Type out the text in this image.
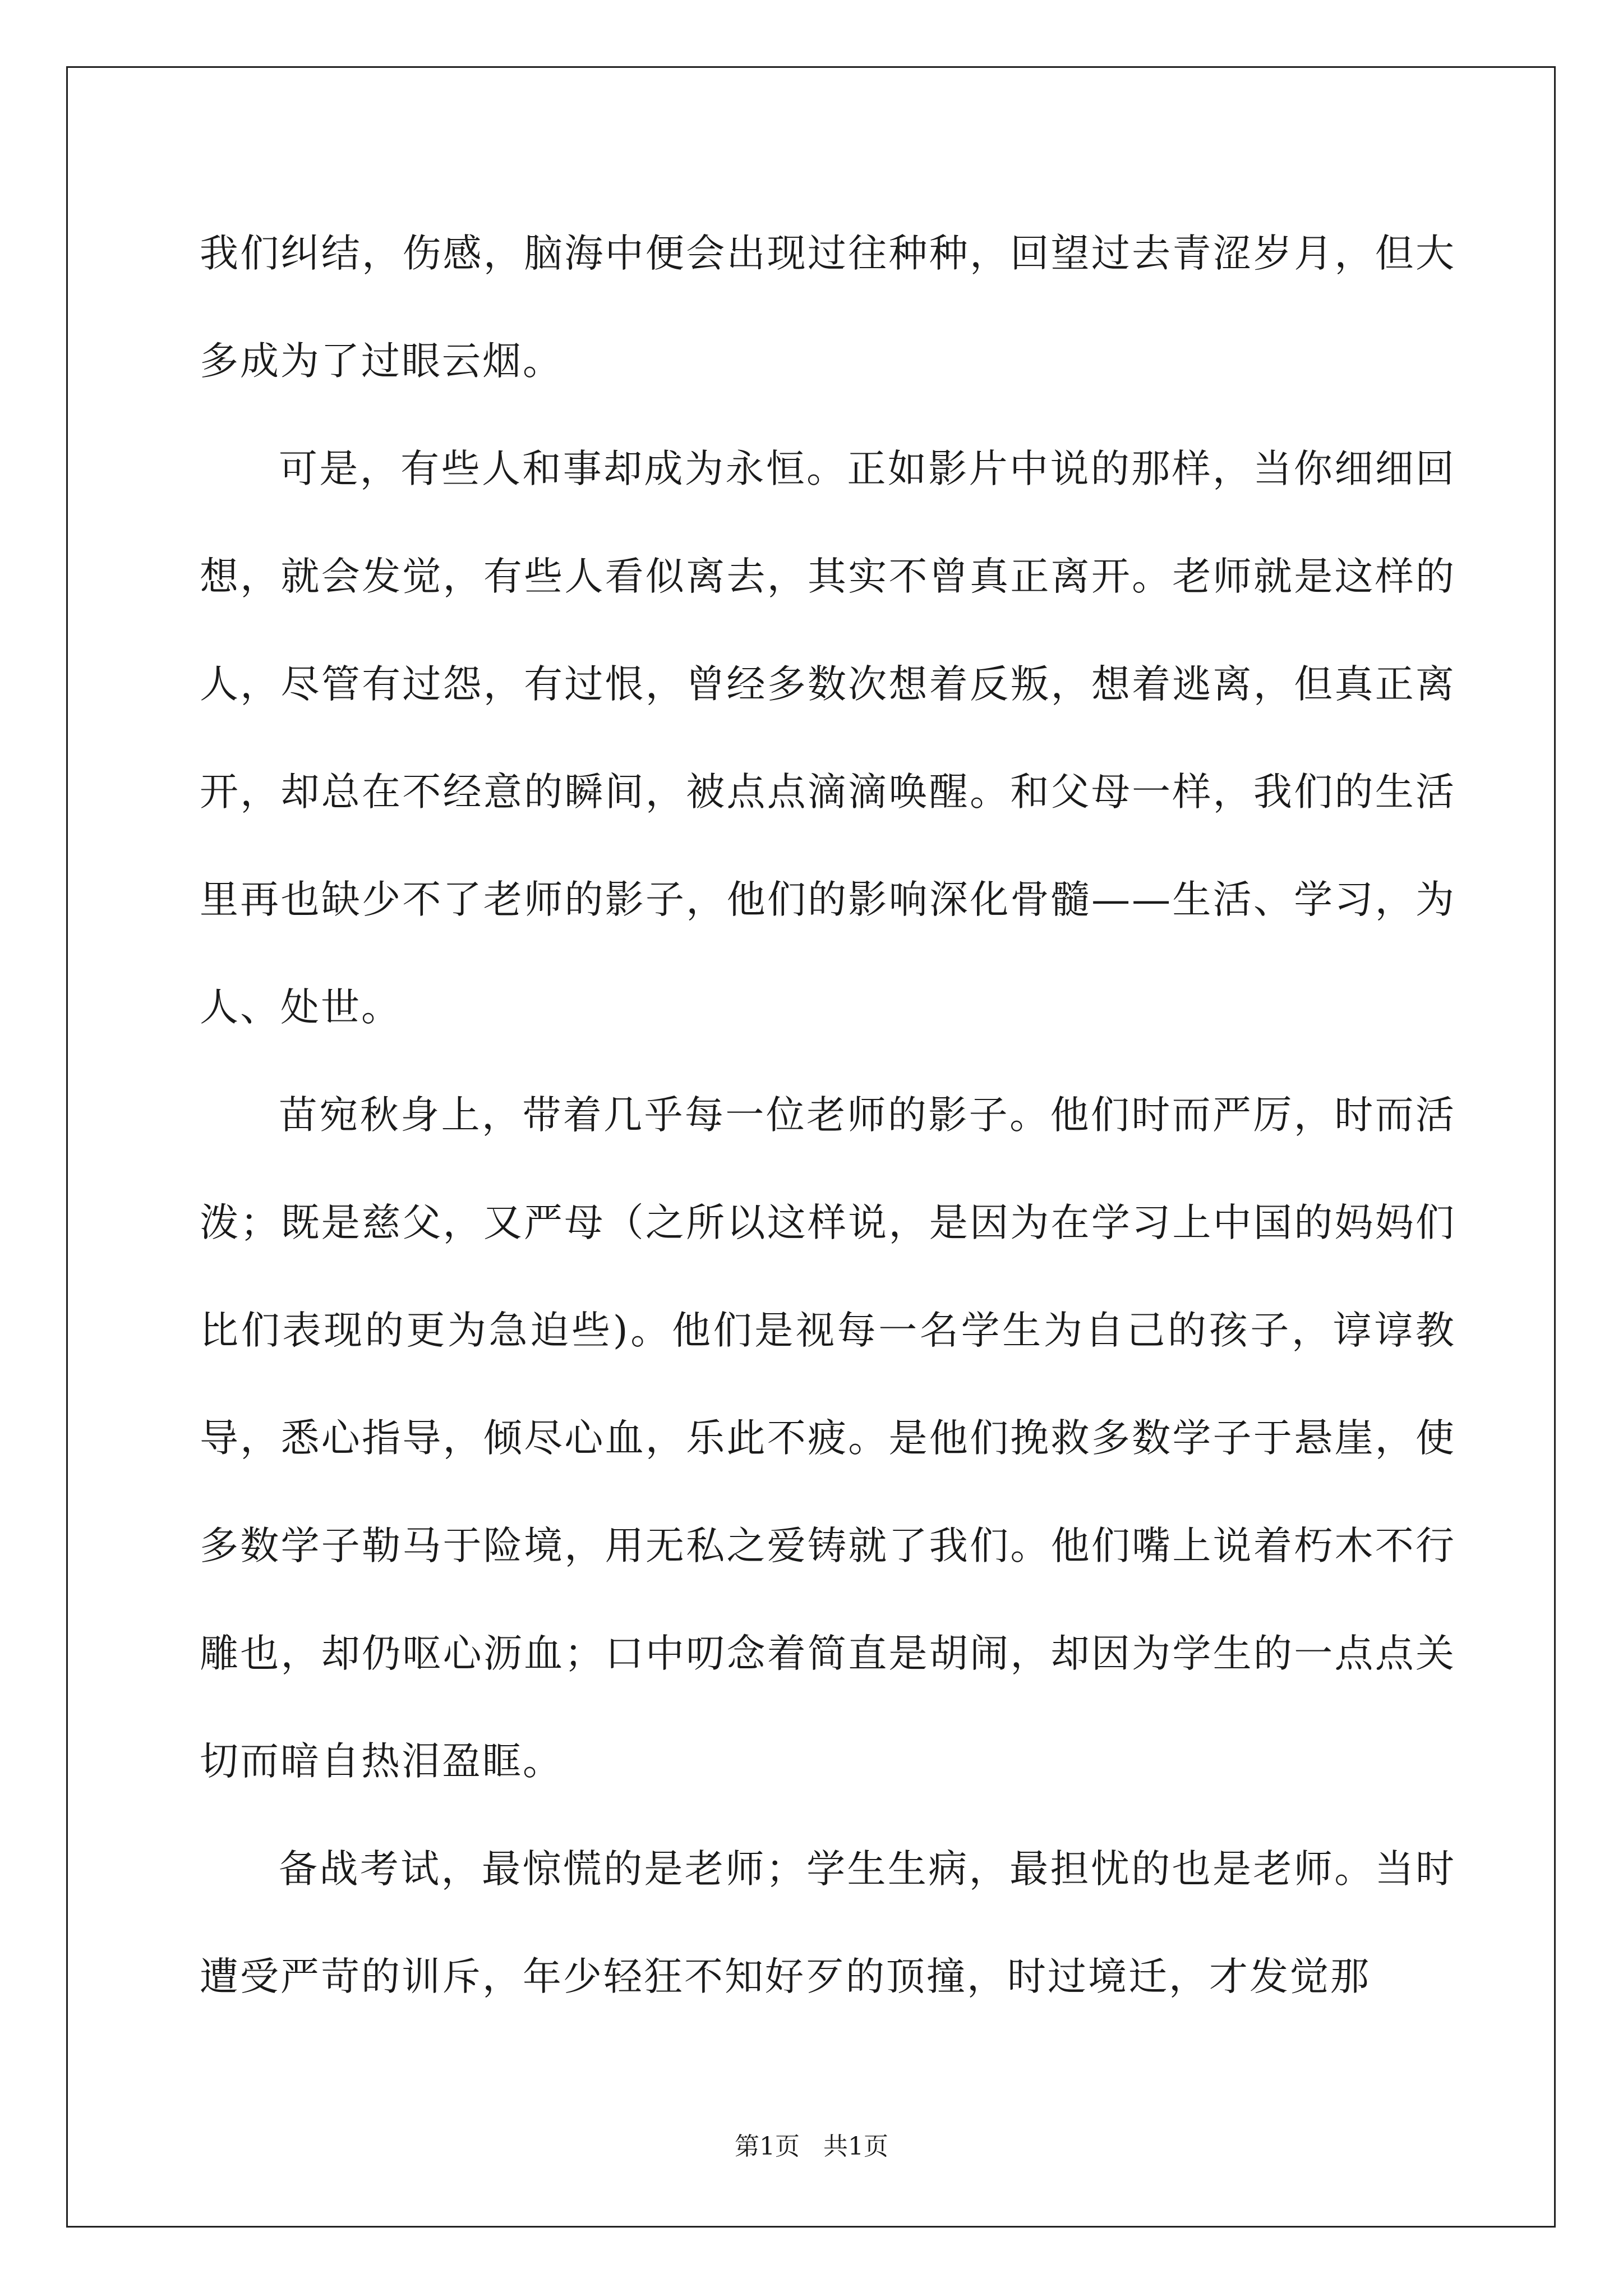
我们纠结，伤感，脑海中便会出现过往种种，回望过去青涩岁月，但大多成为了过眼云烟。

可是，有些人和事却成为永恒。正如影片中说的那样，当你细细回想，就会发觉，有些人看似离去，其实不曾真正离开。老师就是这样的人，尽管有过怨，有过恨，曾经多数次想着反叛，想着逃离，但真正离开，却总在不经意的瞬间，被点点滴滴唤醒。和父母一样，我们的生活里再也缺少不了老师的影子，他们的影响深化骨髓——生活、学习，为人、处世。

苗宛秋身上，带着几乎每一位老师的影子。他们时而严厉，时而活泼；既是慈父，又严母（之所以这样说，是因为在学习上中国的妈妈们比们表现的更为急迫些)。他们是视每一名学生为自己的孩子，谆谆教导，悉心指导，倾尽心血，乐此不疲。是他们挽救多数学子于悬崖，使多数学子勒马于险境，用无私之爱铸就了我们。他们嘴上说着朽木不行雕也，却仍呕心沥血；口中叨念着简直是胡闹，却因为学生的一点点关切而暗自热泪盈眶。

备战考试，最惊慌的是老师；学生生病，最担忧的也是老师。当时遭受严苛的训斥，年少轻狂不知好歹的顶撞，时过境迁，才发觉那

第1页   共1页
